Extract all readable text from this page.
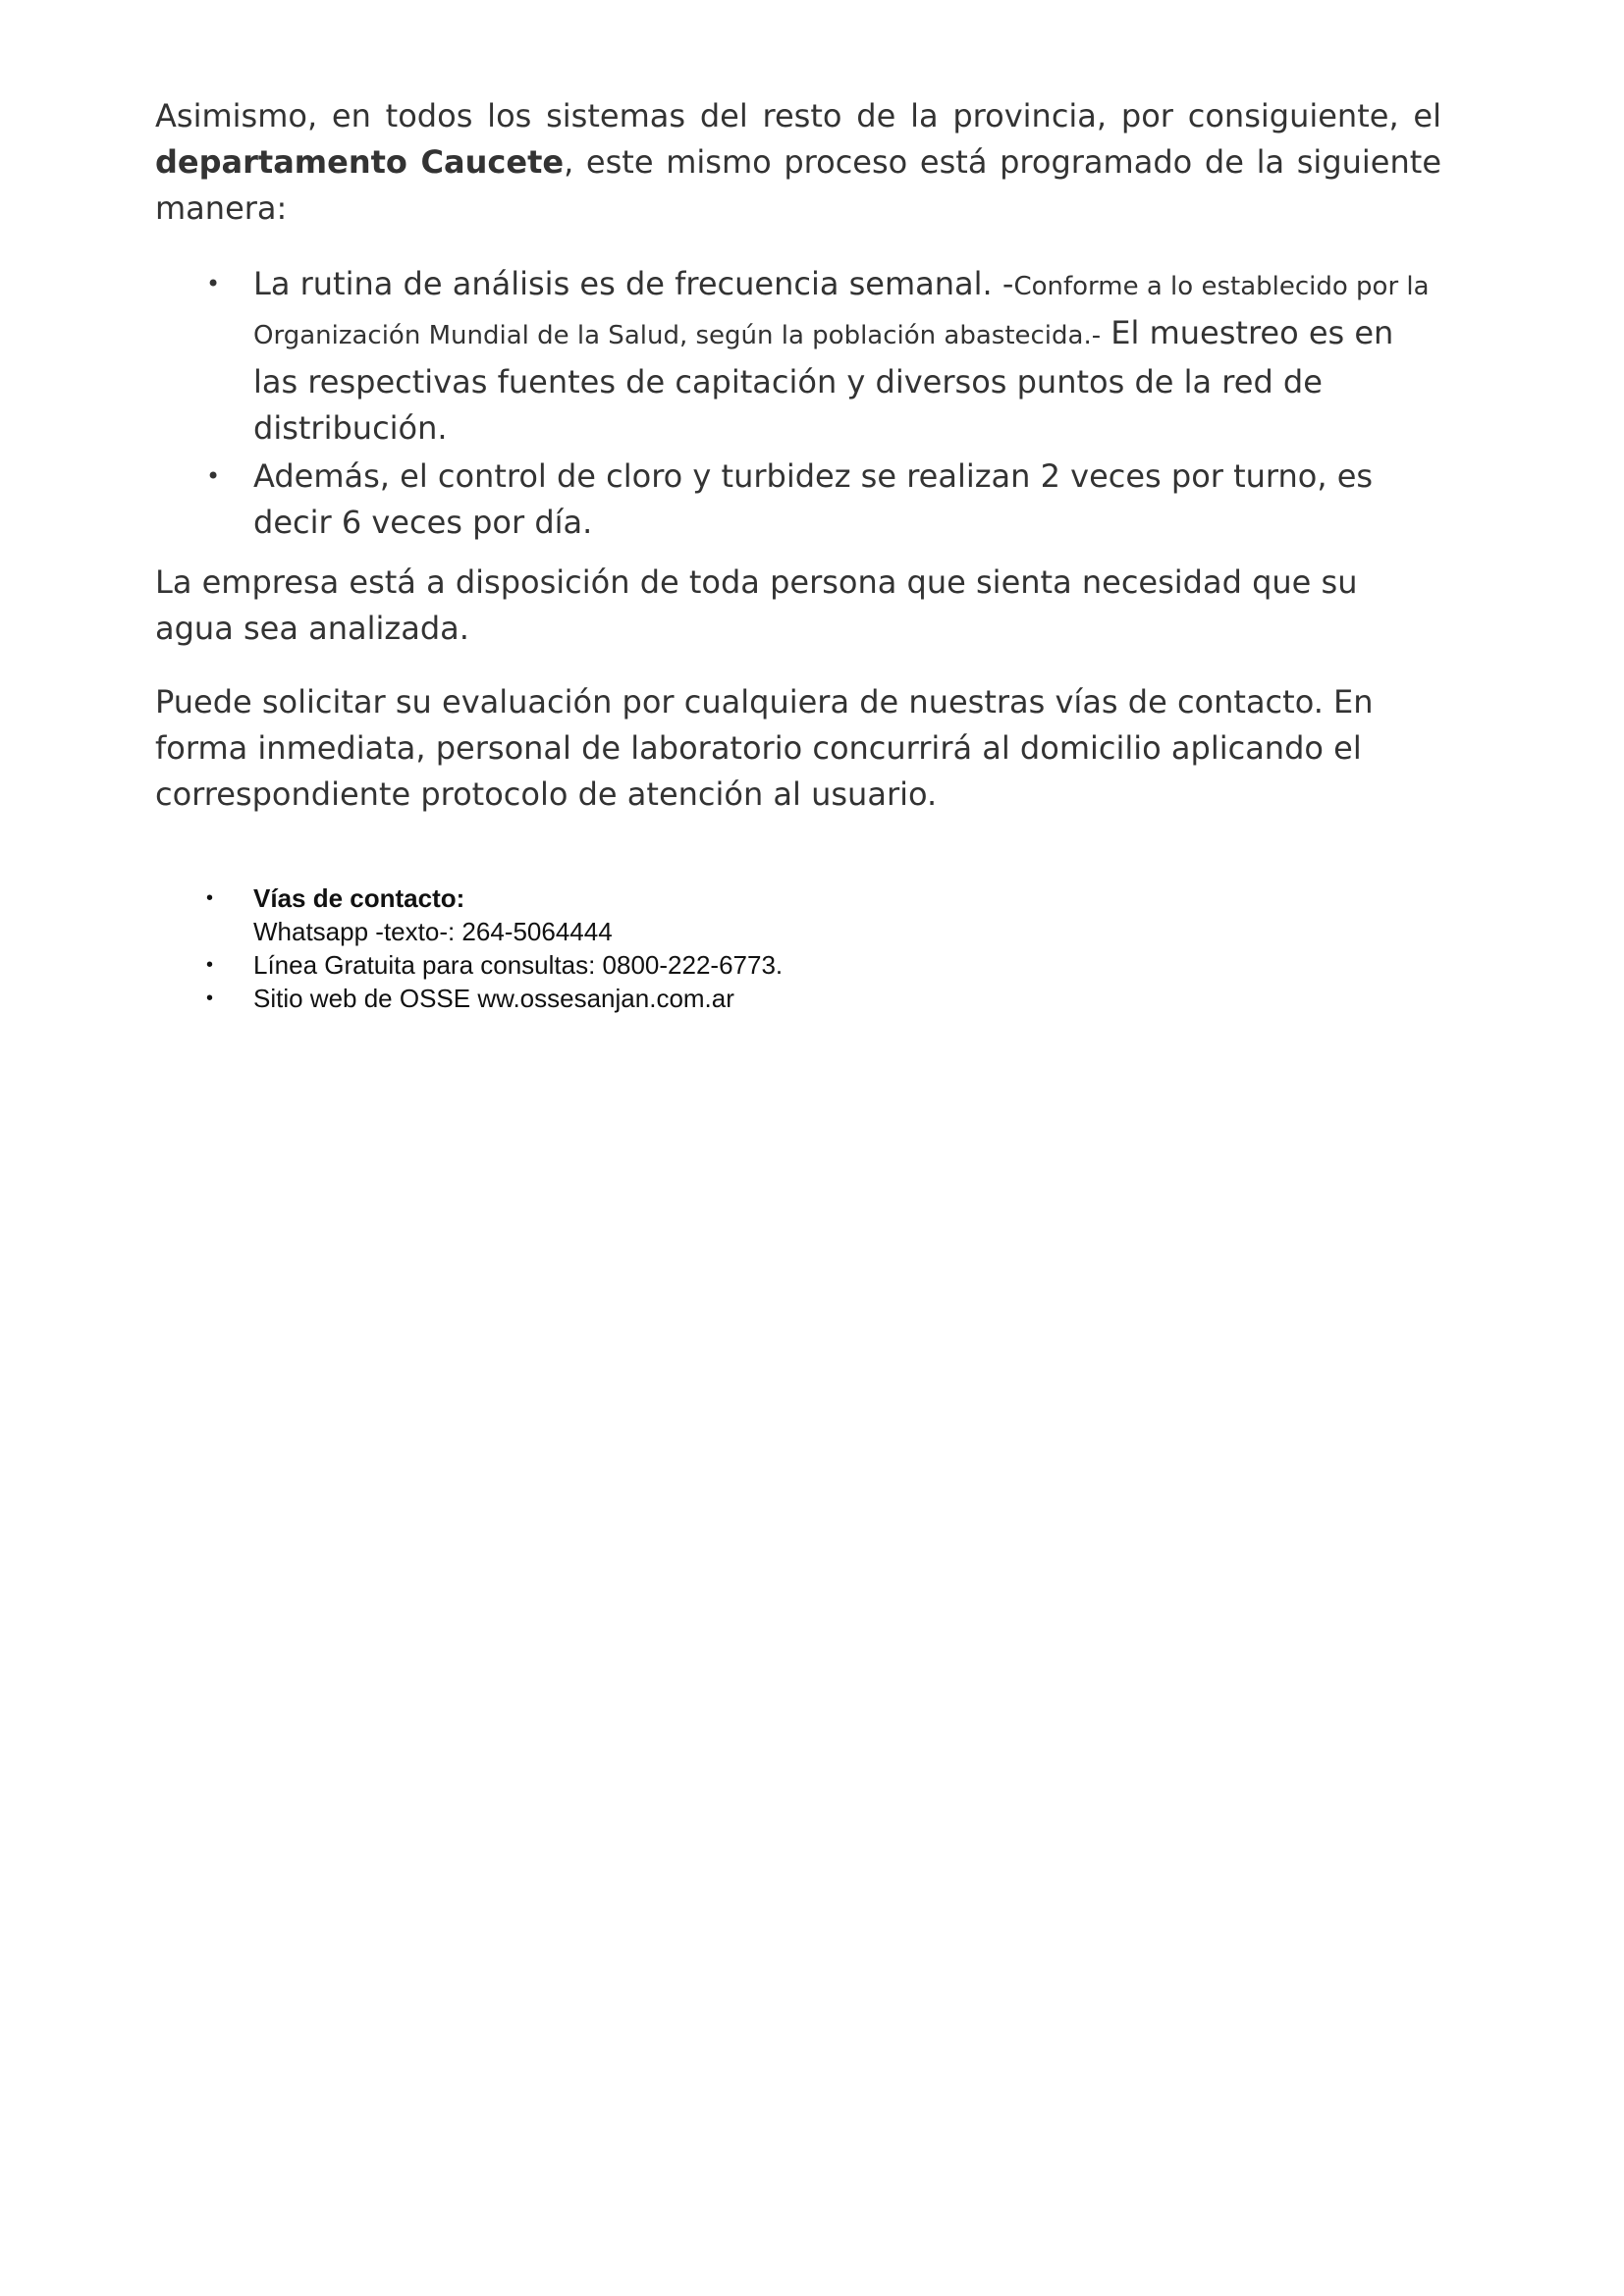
Asimismo, en todos los sistemas del resto de la provincia, por consiguiente, el departamento Caucete, este mismo proceso está programado de la siguiente manera:

• La rutina de análisis es de frecuencia semanal. -Conforme a lo establecido por la Organización Mundial de la Salud, según la población abastecida.- El muestreo es en las respectivas fuentes de capitación y diversos puntos de la red de distribución.
• Además, el control de cloro y turbidez se realizan 2 veces por turno, es decir 6 veces por día.

La empresa está a disposición de toda persona que sienta necesidad que su agua sea analizada.

Puede solicitar su evaluación por cualquiera de nuestras vías de contacto. En forma inmediata, personal de laboratorio concurrirá al domicilio aplicando el correspondiente protocolo de atención al usuario.

• Vías de contacto:
Whatsapp -texto-: 264-5064444
• Línea Gratuita para consultas: 0800-222-6773.
• Sitio web de OSSE ww.ossesanjan.com.ar
